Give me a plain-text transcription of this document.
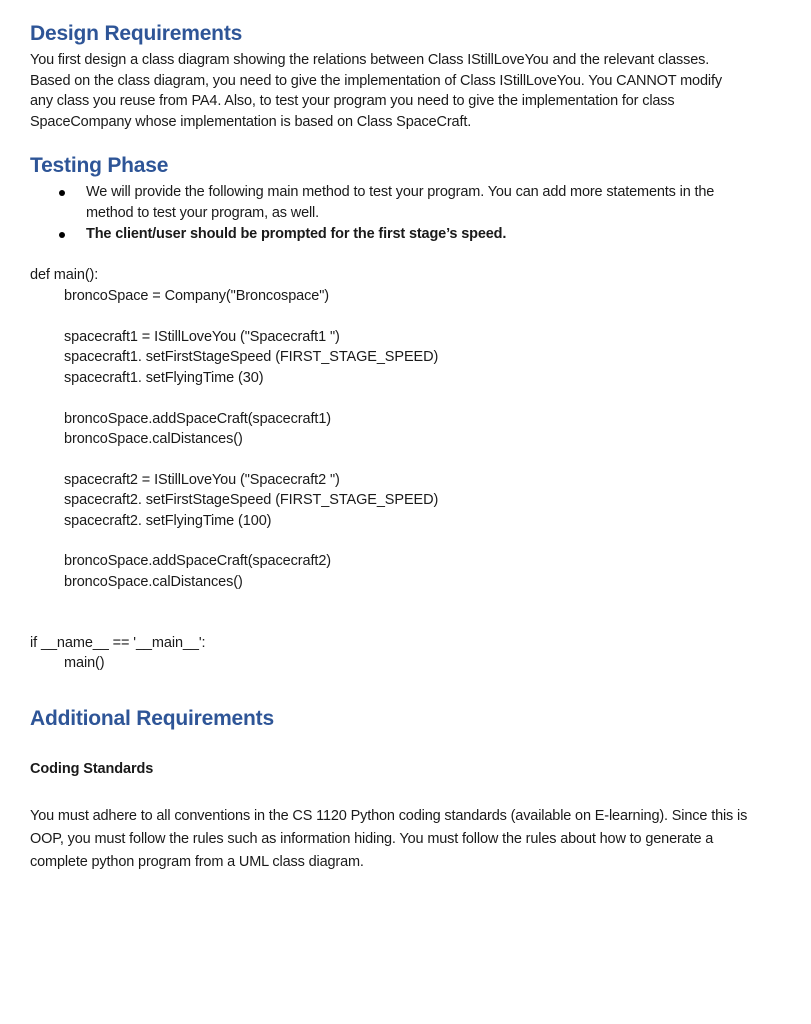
Design Requirements

You first design a class diagram showing the relations between Class IStillLoveYou and the relevant classes. Based on the class diagram, you need to give the implementation of Class IStillLoveYou. You CANNOT modify any class you reuse from PA4. Also, to test your program you need to give the implementation for class SpaceCompany whose implementation is based on Class SpaceCraft.

Testing Phase
We will provide the following main method to test your program. You can add more statements in the method to test your program, as well.
The client/user should be prompted for the first stage’s speed.

def main():

broncoSpace = Company("Broncospace")

spacecraft1 = IStillLoveYou ("Spacecraft1 ")

spacecraft1. setFirstStageSpeed (FIRST_STAGE_SPEED)

spacecraft1. setFlyingTime (30)

broncoSpace.addSpaceCraft(spacecraft1)

broncoSpace.calDistances()

spacecraft2 = IStillLoveYou ("Spacecraft2 ")

spacecraft2. setFirstStageSpeed (FIRST_STAGE_SPEED)

spacecraft2. setFlyingTime (100)

broncoSpace.addSpaceCraft(spacecraft2)

broncoSpace.calDistances()

if __name__ == '__main__':

main()

Additional Requirements

Coding Standards

You must adhere to all conventions in the CS 1120 Python coding standards (available on E-learning). Since this is OOP, you must follow the rules such as information hiding. You must follow the rules about how to generate a complete python program from a UML class diagram.
